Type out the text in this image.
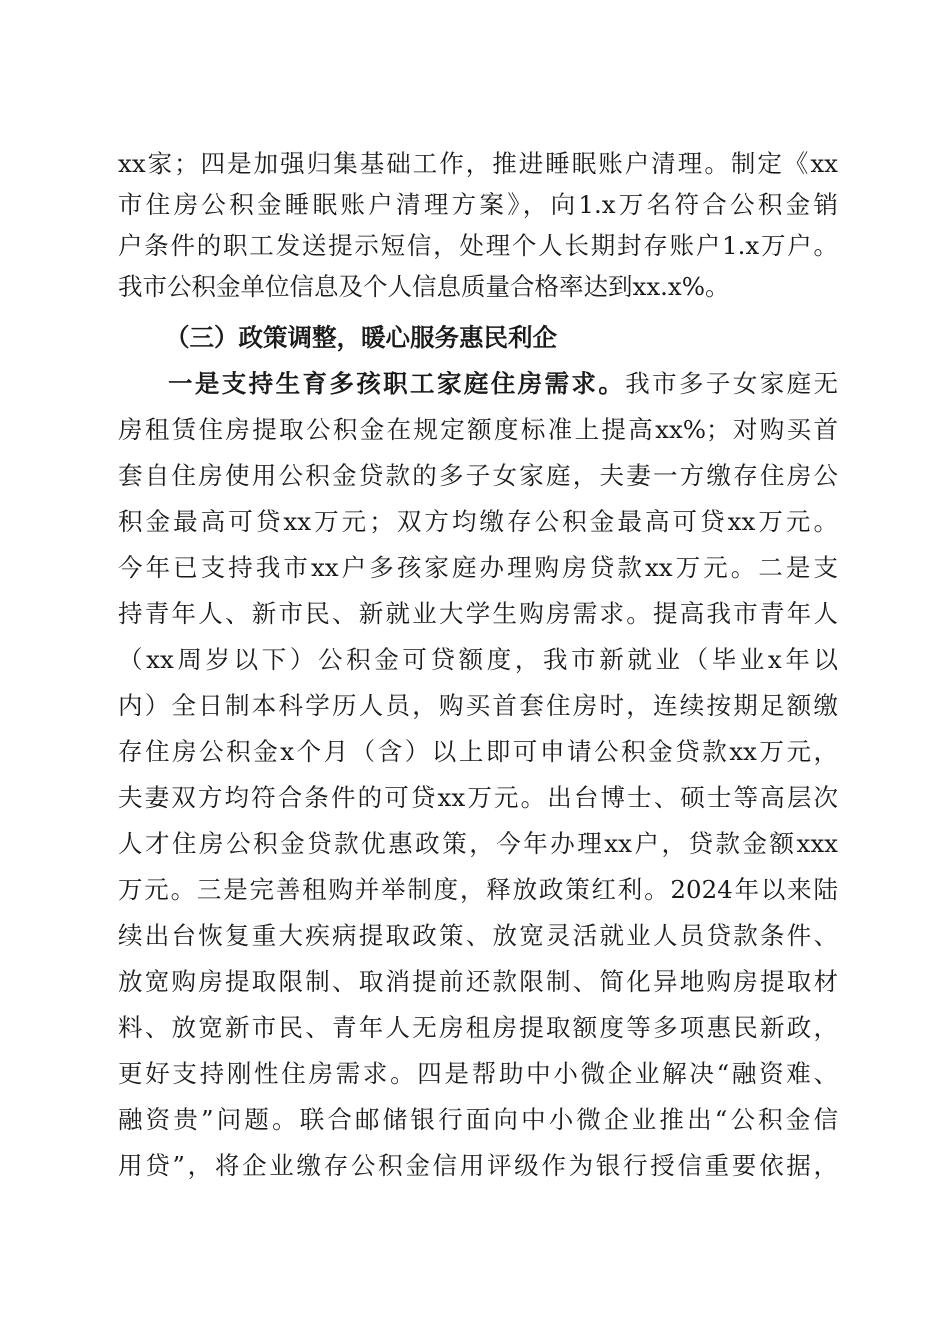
xx家；四是加强归集基础工作，推进睡眠账户清理。制定《xx
市住房公积金睡眠账户清理方案》，向1.x万名符合公积金销
户条件的职工发送提示短信，处理个人长期封存账户1.x万户。
我市公积金单位信息及个人信息质量合格率达到xx.x%。
（三）政策调整，暖心服务惠民利企
一是支持生育多孩职工家庭住房需求。我市多子女家庭无
房租赁住房提取公积金在规定额度标准上提高xx%；对购买首
套自住房使用公积金贷款的多子女家庭，夫妻一方缴存住房公
积金最高可贷xx万元；双方均缴存公积金最高可贷xx万元。
今年已支持我市xx户多孩家庭办理购房贷款xx万元。二是支
持青年人、新市民、新就业大学生购房需求。提高我市青年人
（xx周岁以下）公积金可贷额度，我市新就业（毕业x年以
内）全日制本科学历人员，购买首套住房时，连续按期足额缴
存住房公积金x个月（含）以上即可申请公积金贷款xx万元，
夫妻双方均符合条件的可贷xx万元。出台博士、硕士等高层次
人才住房公积金贷款优惠政策，今年办理xx户，贷款金额xxx
万元。三是完善租购并举制度，释放政策红利。2024年以来陆
续出台恢复重大疾病提取政策、放宽灵活就业人员贷款条件、
放宽购房提取限制、取消提前还款限制、简化异地购房提取材
料、放宽新市民、青年人无房租房提取额度等多项惠民新政，
更好支持刚性住房需求。四是帮助中小微企业解决“融资难、
融资贵”问题。联合邮储银行面向中小微企业推出“公积金信
用贷”，将企业缴存公积金信用评级作为银行授信重要依据，
